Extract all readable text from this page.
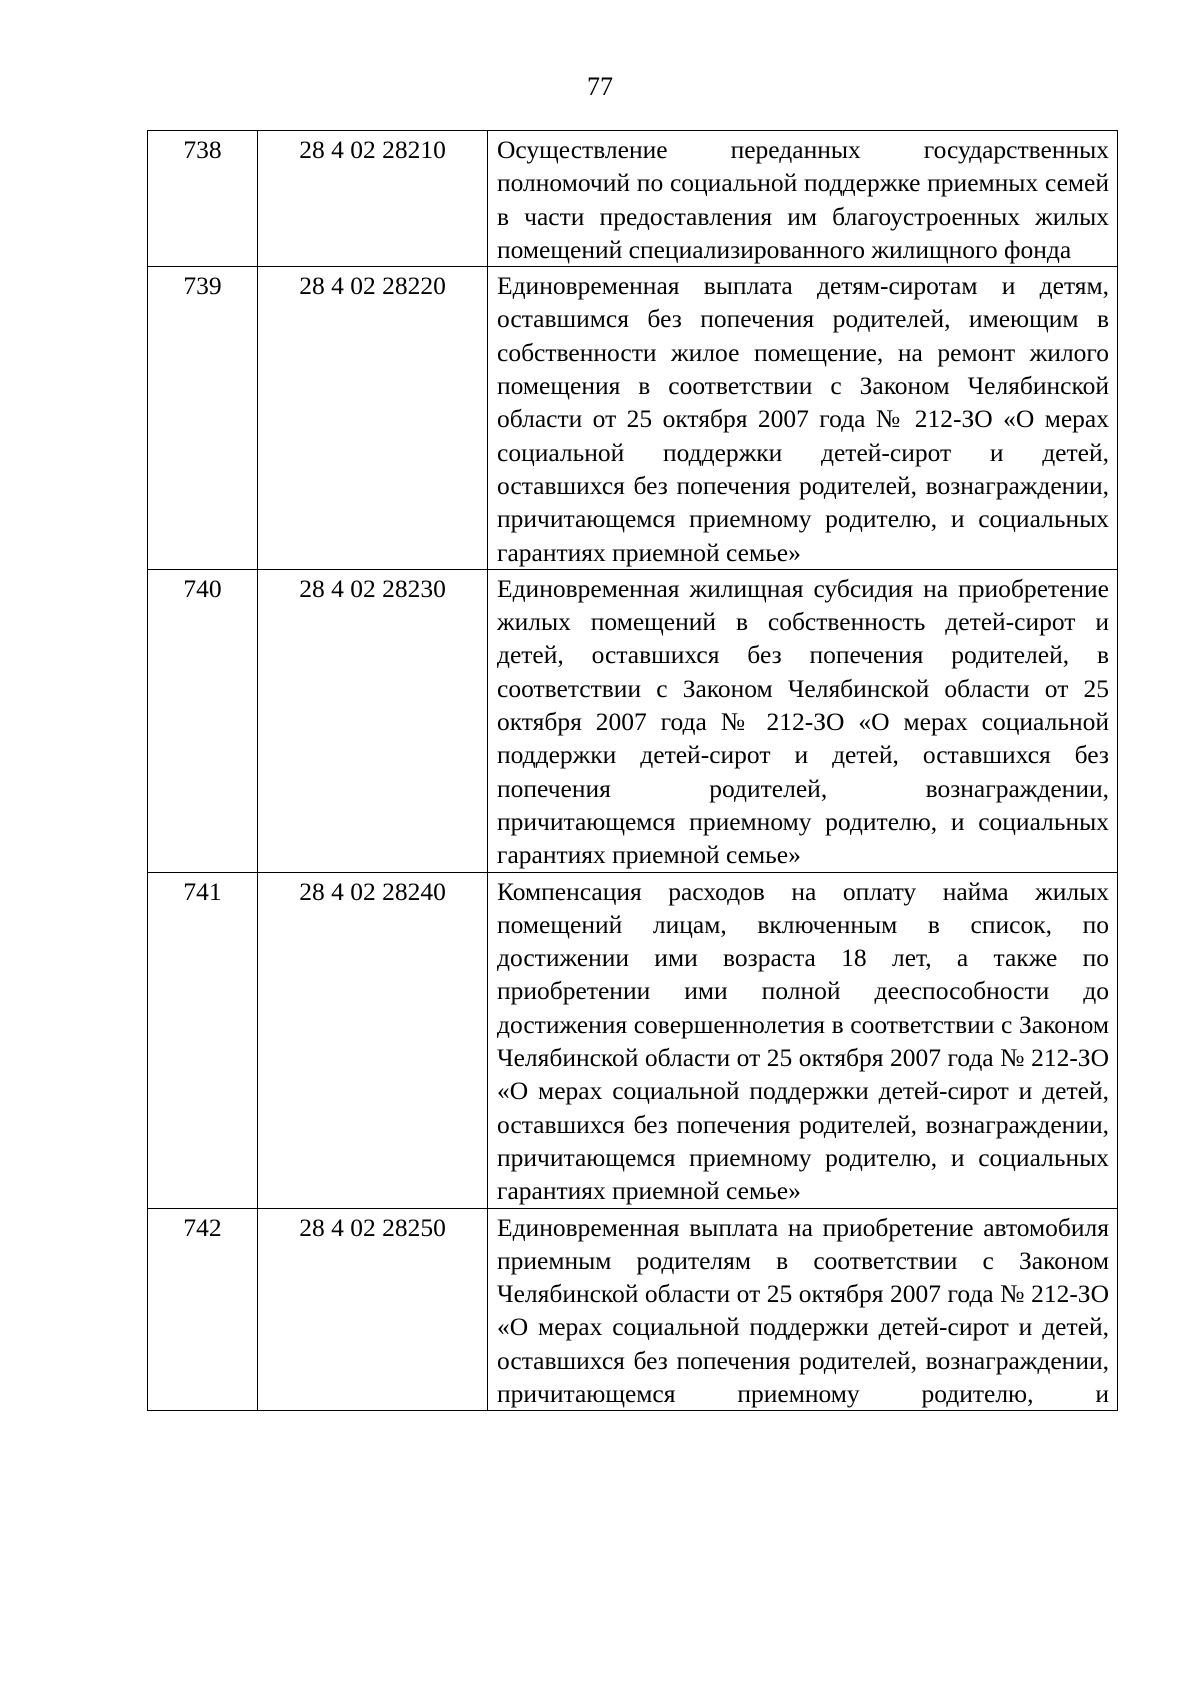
77
738	28 4 02 28210	Осуществление переданных государственных полномочий по социальной поддержке приемных семей в части предоставления им благоустроенных жилых помещений специализированного жилищного фонда
739	28 4 02 28220	Единовременная выплата детям-сиротам и детям, оставшимся без попечения родителей, имеющим в собственности жилое помещение, на ремонт жилого помещения в соответствии с Законом Челябинской области от 25 октября 2007 года № 212-ЗО «О мерах социальной поддержки детей-сирот и детей, оставшихся без попечения родителей, вознаграждении, причитающемся приемному родителю, и социальных гарантиях приемной семье»
740	28 4 02 28230	Единовременная жилищная субсидия на приобретение жилых помещений в собственность детей-сирот и детей, оставшихся без попечения родителей, в соответствии с Законом Челябинской области от 25 октября 2007 года № 212-ЗО «О мерах социальной поддержки детей-сирот и детей, оставшихся без попечения родителей, вознаграждении, причитающемся приемному родителю, и социальных гарантиях приемной семье»
741	28 4 02 28240	Компенсация расходов на оплату найма жилых помещений лицам, включенным в список, по достижении ими возраста 18 лет, а также по приобретении ими полной дееспособности до достижения совершеннолетия в соответствии с Законом Челябинской области от 25 октября 2007 года № 212-ЗО «О мерах социальной поддержки детей-сирот и детей, оставшихся без попечения родителей, вознаграждении, причитающемся приемному родителю, и социальных гарантиях приемной семье»
742	28 4 02 28250	Единовременная выплата на приобретение автомобиля приемным родителям в соответствии с Законом Челябинской области от 25 октября 2007 года № 212-ЗО «О мерах социальной поддержки детей-сирот и детей, оставшихся без попечения родителей, вознаграждении, причитающемся приемному родителю, и
